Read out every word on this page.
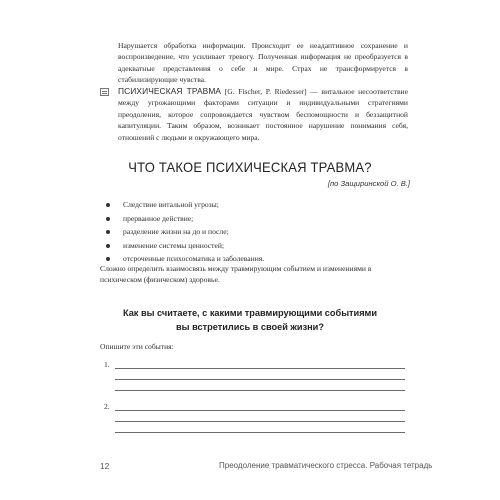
Нарушается обработка информации. Происходит ее неадаптивное сохранение и воспроизведение, что усиливает тревогу. Полученная информация не преобразуется в адекватные представления о себе и мире. Страх не трансформируется в стабилизирующие чувства.

ПСИХИЧЕСКАЯ ТРАВМА [G. Fischer, P. Riedesser] — витальное несоответствие между угрожающими факторами ситуации и индивидуальными стратегиями преодоления, которое сопровождается чувством беспомощности и беззащитной капитуляции. Таким образом, возникает постоянное нарушение понимания себя, отношений с людьми и окружающего мира.

ЧТО ТАКОЕ ПСИХИЧЕСКАЯ ТРАВМА?
[по Защиринской О. В.]
Следствие витальной угрозы;
прерванное действие;
разделение жизни на до и после;
изменение системы ценностей;
отсроченные психосоматика и заболевания.

Сложно определить взаимосвязь между травмирующим событием и изменениями в психическом (физическом) здоровье.

Как вы считаете, с какими травмирующими событиями
вы встретились в своей жизни?
Опишите эти события:
1.
2.
12	Преодоление травматического стресса. Рабочая тетрадь
